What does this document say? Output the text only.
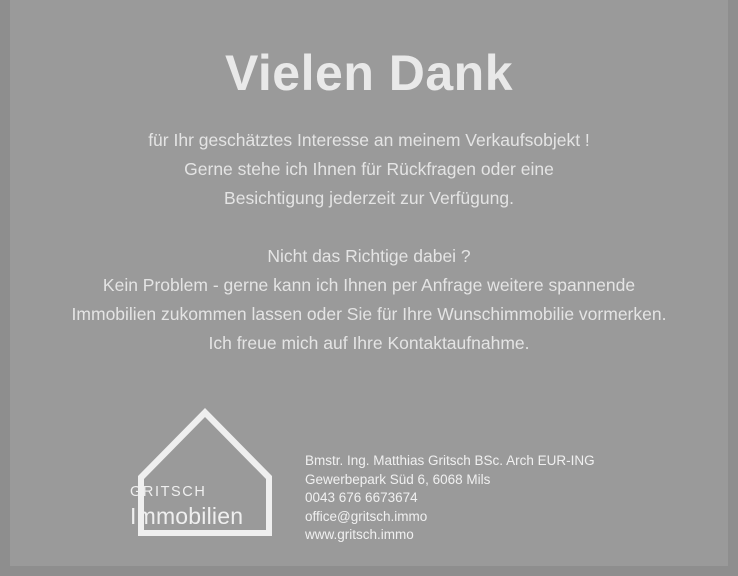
Vielen Dank
für Ihr geschätztes Interesse an meinem Verkaufsobjekt !
Gerne stehe ich Ihnen für Rückfragen oder eine
Besichtigung jederzeit zur Verfügung.
Nicht das Richtige dabei ?
Kein Problem - gerne kann ich Ihnen per Anfrage weitere spannende
Immobilien zukommen lassen oder Sie für Ihre Wunschimmobilie vormerken.
Ich freue mich auf Ihre Kontaktaufnahme.
GRITSCH
Immobilien
Bmstr. Ing. Matthias Gritsch BSc. Arch EUR-ING
Gewerbepark Süd 6, 6068 Mils
0043 676 6673674
office@gritsch.immo
www.gritsch.immo
